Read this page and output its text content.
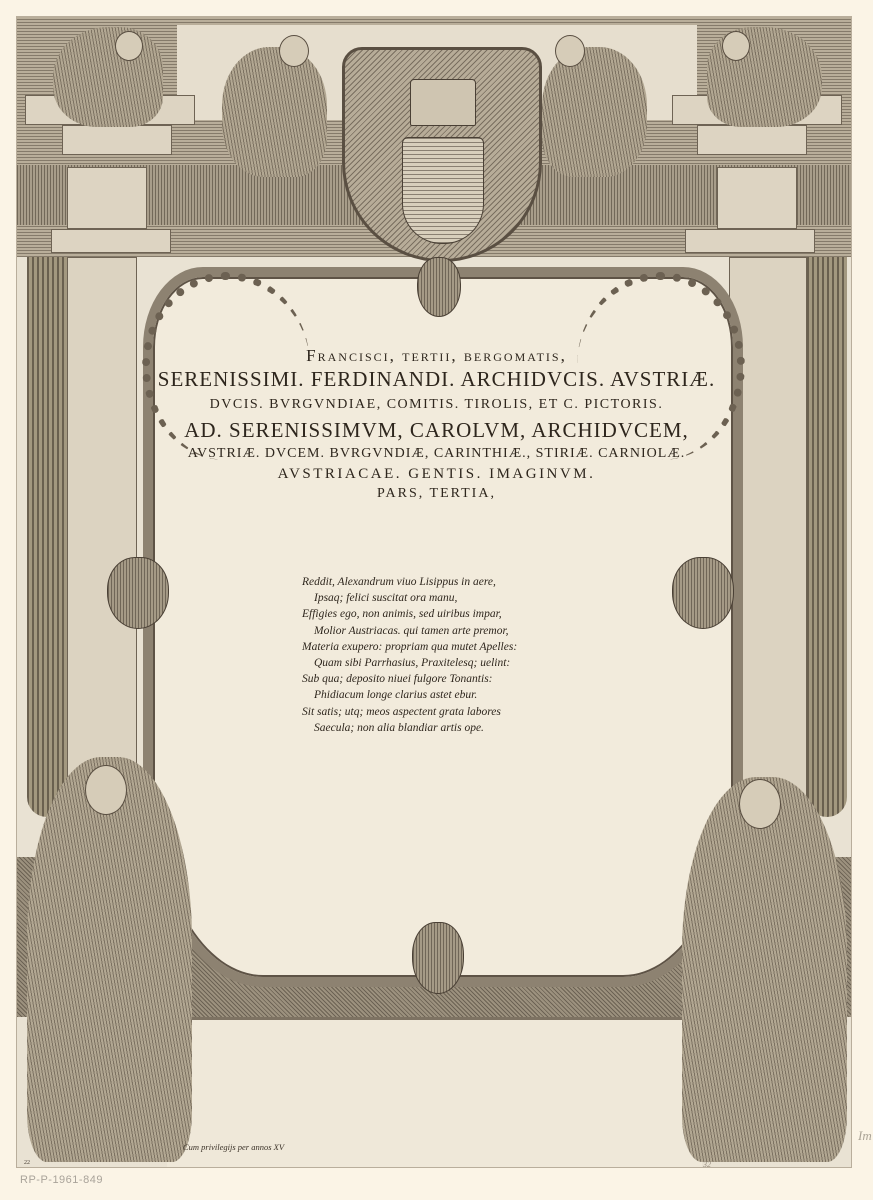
Francisci, tertii, bergomatis,
SERENISSIMI. FERDINANDI. ARCHIDVCIS. AVSTRIÆ.
DVCIS. BVRGVNDIAE, COMITIS. TIROLIS, ET C. PICTORIS.
AD. SERENISSIMVM, CAROLVM, ARCHIDVCEM,
AVSTRIÆ. DVCEM. BVRGVNDIÆ, CARINTHIÆ., STIRIÆ. CARNIOLÆ.
AVSTRIACAE. GENTIS. IMAGINVM.
PARS, TERTIA,
Reddit, Alexandrum viuo Lisippus in aere,
Ipsaq; felici suscitat ora manu,
Effigies ego, non animis, sed uiribus impar,
Molior Austriacas. qui tamen arte premor,
Materia exupero: propriam qua mutet Apelles:
Quam sibi Parrhasius, Praxitelesq; uelint:
Sub qua; deposito niuei fulgore Tonantis:
Phidiacum longe clarius astet ebur.
Sit satis; utq; meos aspectent grata labores
Saecula; non alia blandiar artis ope.
Cum privilegijs per annos XV
22	32
RP-P-1961-849
Im
